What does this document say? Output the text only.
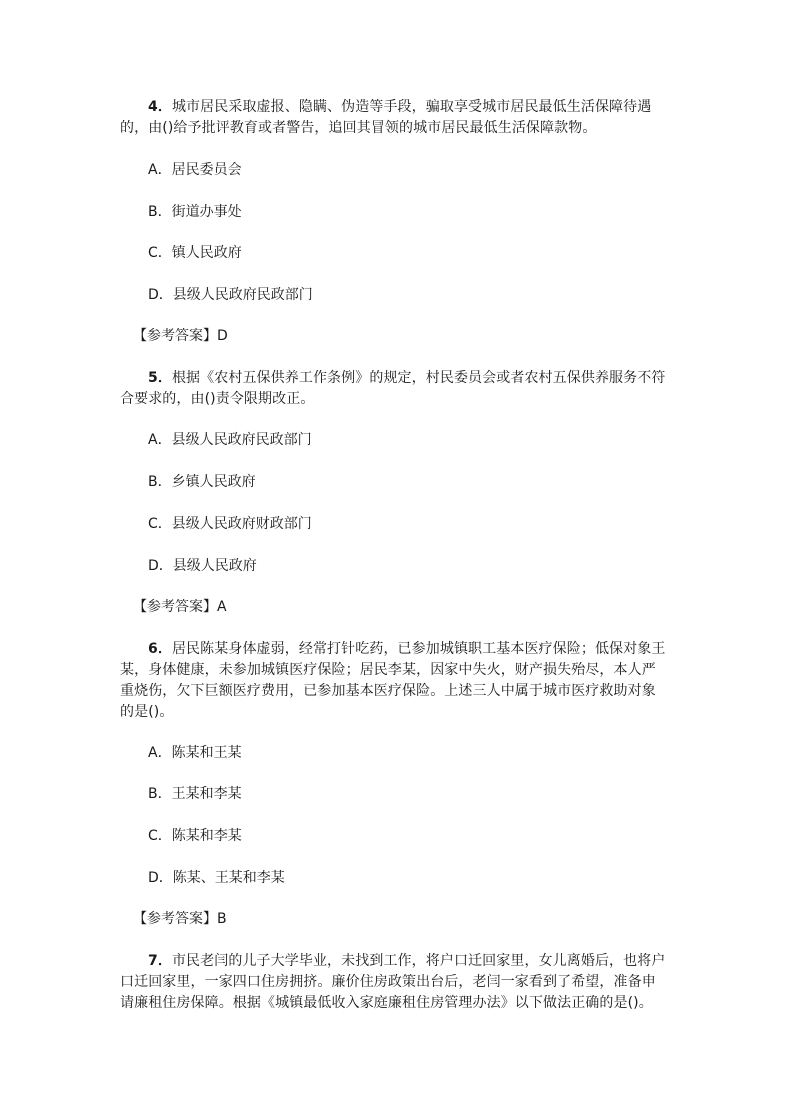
4．城市居民采取虚报、隐瞒、伪造等手段，骗取享受城市居民最低生活保障待遇的，由()给予批评教育或者警告，追回其冒领的城市居民最低生活保障款物。

A．居民委员会

B．街道办事处

C．镇人民政府

D．县级人民政府民政部门

【参考答案】D

5．根据《农村五保供养工作条例》的规定，村民委员会或者农村五保供养服务不符合要求的，由()责令限期改正。

A．县级人民政府民政部门

B．乡镇人民政府

C．县级人民政府财政部门

D．县级人民政府

【参考答案】A

6．居民陈某身体虚弱，经常打针吃药，已参加城镇职工基本医疗保险；低保对象王某，身体健康，未参加城镇医疗保险；居民李某，因家中失火，财产损失殆尽，本人严重烧伤，欠下巨额医疗费用，已参加基本医疗保险。上述三人中属于城市医疗救助对象的是()。

A．陈某和王某

B．王某和李某

C．陈某和李某

D．陈某、王某和李某

【参考答案】B

7．市民老闫的儿子大学毕业，未找到工作，将户口迁回家里，女儿离婚后，也将户口迁回家里，一家四口住房拥挤。廉价住房政策出台后，老闫一家看到了希望，准备申请廉租住房保障。根据《城镇最低收入家庭廉租住房管理办法》以下做法正确的是()。
